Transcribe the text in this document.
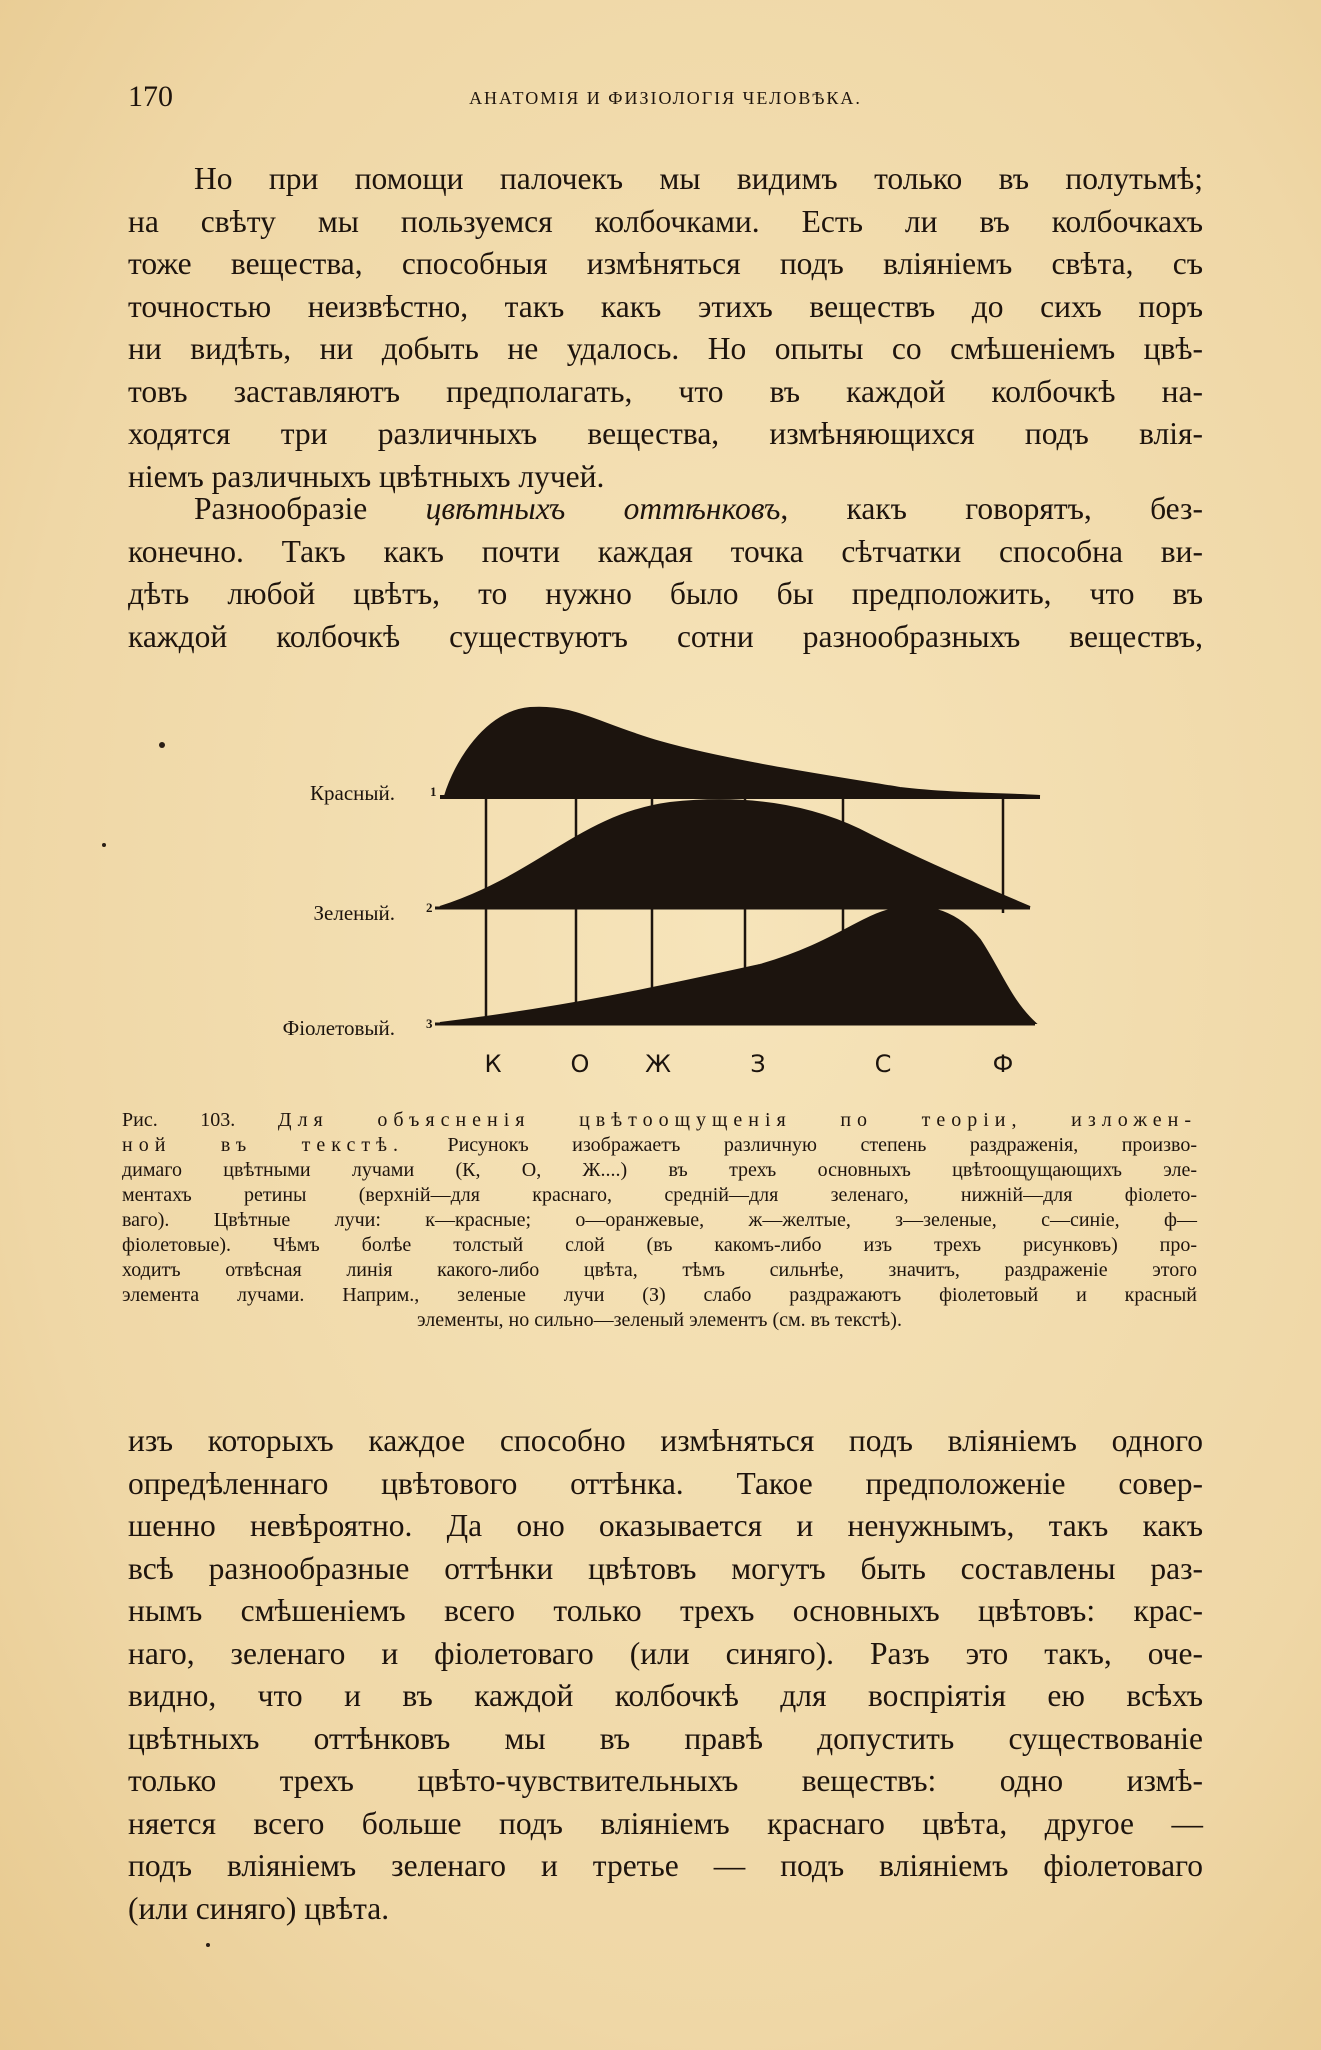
170	АНАТОМІЯ И ФИЗІОЛОГІЯ ЧЕЛОВѢКА.
Но при помощи палочекъ мы видимъ только въ полутьмѣ;
на свѣту мы пользуемся колбочками. Есть ли въ колбочкахъ
тоже вещества, способныя измѣняться подъ вліяніемъ свѣта, съ
точностью неизвѣстно, такъ какъ этихъ веществъ до сихъ поръ
ни видѣть, ни добыть не удалось. Но опыты со смѣшеніемъ цвѣ-
товъ заставляютъ предполагать, что въ каждой колбочкѣ на-
ходятся три различныхъ вещества, измѣняющихся подъ влія-
ніемъ различныхъ цвѣтныхъ лучей.
Разнообразіе цвѣтныхъ оттѣнковъ, какъ говорятъ, без-
конечно. Такъ какъ почти каждая точка сѣтчатки способна ви-
дѣть любой цвѣтъ, то нужно было бы предположить, что въ
каждой колбочкѣ существуютъ сотни разнообразныхъ веществъ,
Красный.
Зеленый.
Фіолетовый.
1
2
3
К	О Ж	З	С	Ф
Рис. 103. Для объясненія цвѣтоощущенія по теоріи, изложен-
ной въ текстѣ. Рисунокъ изображаетъ различную степень раздраженія, произво-
димаго цвѣтными лучами (К, О, Ж....) въ трехъ основныхъ цвѣтоощущающихъ эле-
ментахъ ретины (верхній—для краснаго, средній—для зеленаго, нижній—для фіолето-
ваго). Цвѣтные лучи: к—красные; о—оранжевые, ж—желтые, з—зеленые, с—синіе, ф—
фіолетовые). Чѣмъ болѣе толстый слой (въ какомъ-либо изъ трехъ рисунковъ) про-
ходитъ отвѣсная линія какого-либо цвѣта, тѣмъ сильнѣе, значитъ, раздраженіе этого
элемента лучами. Наприм., зеленые лучи (З) слабо раздражаютъ фіолетовый и красный
элементы, но сильно—зеленый элементъ (см. въ текстѣ).
изъ которыхъ каждое способно измѣняться подъ вліяніемъ одного
опредѣленнаго цвѣтового оттѣнка. Такое предположеніе совер-
шенно невѣроятно. Да оно оказывается и ненужнымъ, такъ какъ
всѣ разнообразные оттѣнки цвѣтовъ могутъ быть составлены раз-
нымъ смѣшеніемъ всего только трехъ основныхъ цвѣтовъ: крас-
наго, зеленаго и фіолетоваго (или синяго). Разъ это такъ, оче-
видно, что и въ каждой колбочкѣ для воспріятія ею всѣхъ
цвѣтныхъ оттѣнковъ мы въ правѣ допустить существованіе
только трехъ цвѣто-чувствительныхъ веществъ: одно измѣ-
няется всего больше подъ вліяніемъ краснаго цвѣта, другое —
подъ вліяніемъ зеленаго и третье — подъ вліяніемъ фіолетоваго
(или синяго) цвѣта.
